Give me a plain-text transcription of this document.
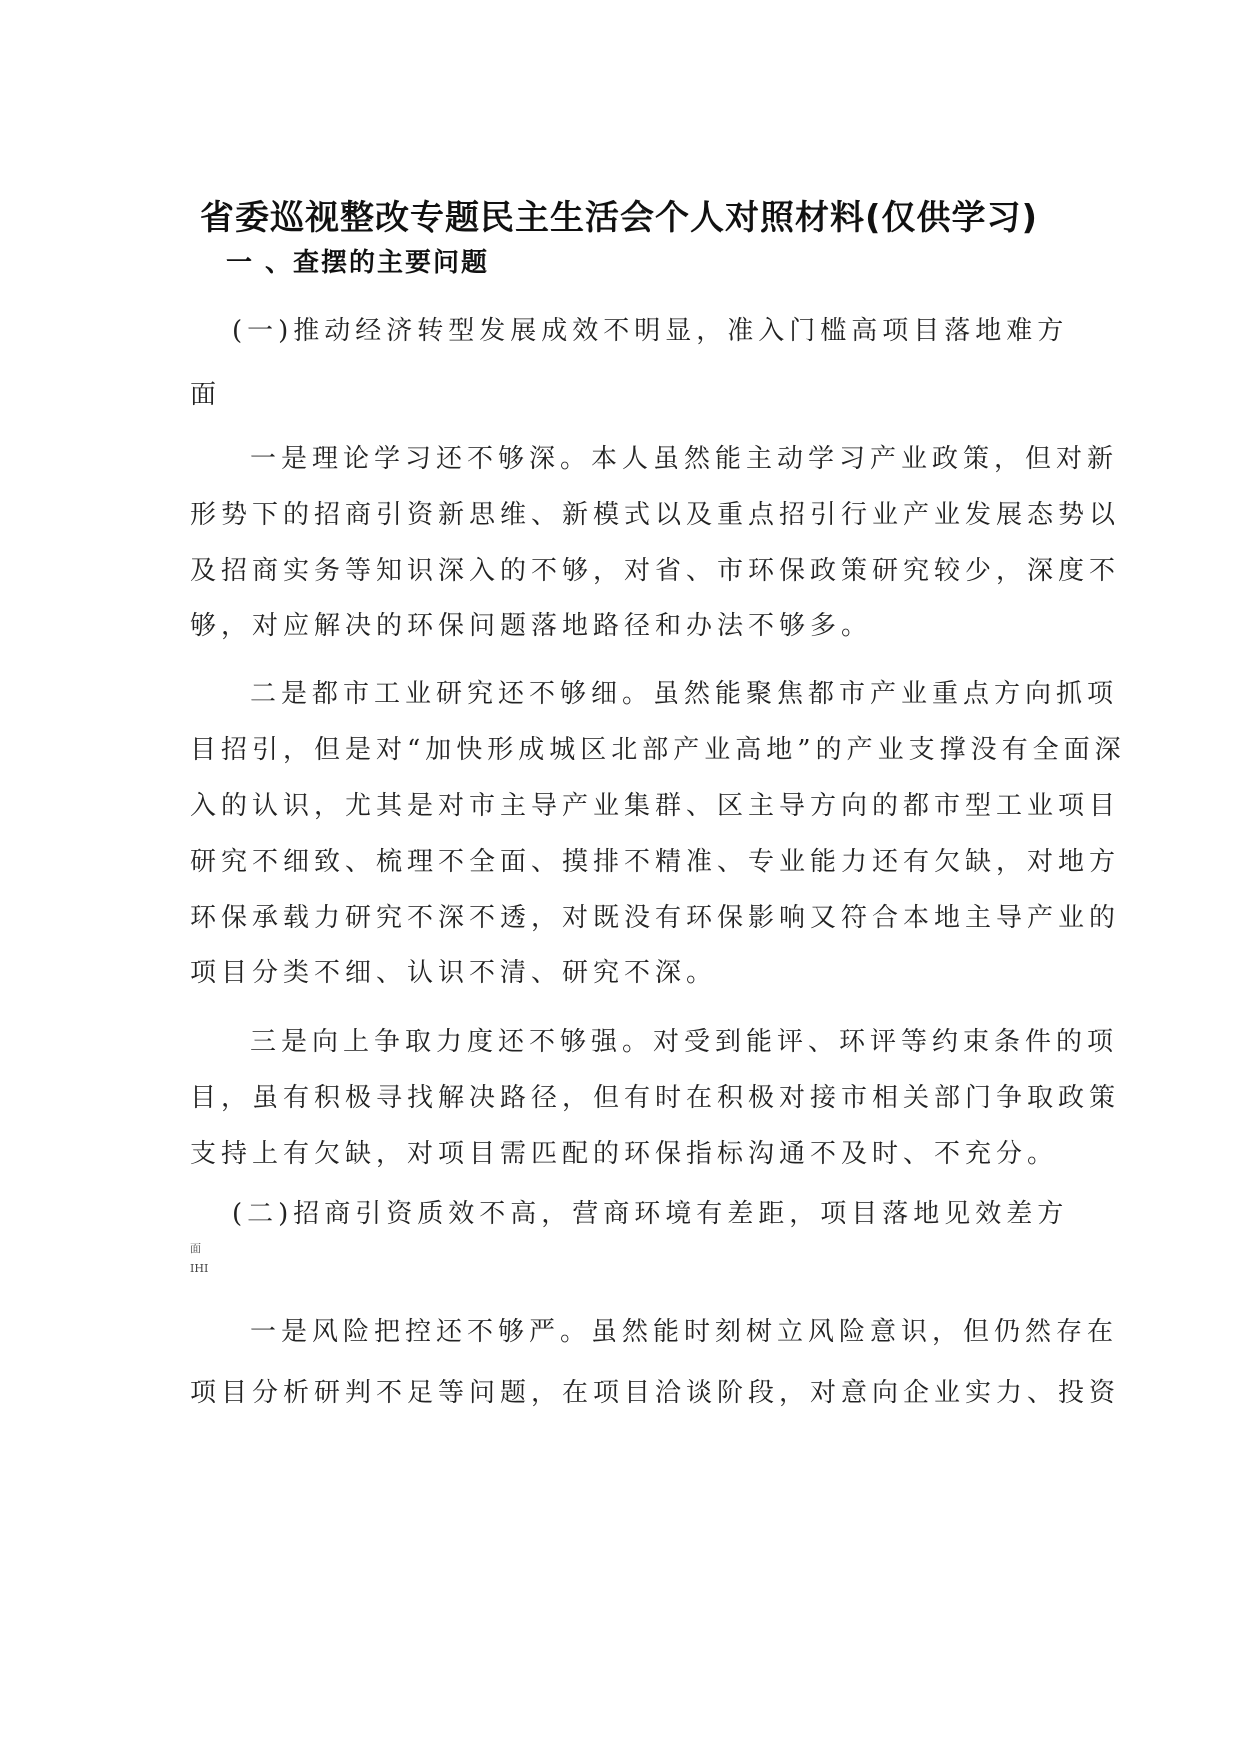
省委巡视整改专题民主生活会个人对照材料(仅供学习)
一 、查摆的主要问题

(一)推动经济转型发展成效不明显，准入门槛高项目落地难方

面

一是理论学习还不够深。本人虽然能主动学习产业政策，但对新

形势下的招商引资新思维、新模式以及重点招引行业产业发展态势以

及招商实务等知识深入的不够，对省、市环保政策研究较少，深度不

够，对应解决的环保问题落地路径和办法不够多。

二是都市工业研究还不够细。虽然能聚焦都市产业重点方向抓项

目招引，但是对“加快形成城区北部产业高地”的产业支撑没有全面深

入的认识，尤其是对市主导产业集群、区主导方向的都市型工业项目

研究不细致、梳理不全面、摸排不精准、专业能力还有欠缺，对地方

环保承载力研究不深不透，对既没有环保影响又符合本地主导产业的

项目分类不细、认识不清、研究不深。

三是向上争取力度还不够强。对受到能评、环评等约束条件的项

目，虽有积极寻找解决路径，但有时在积极对接市相关部门争取政策

支持上有欠缺，对项目需匹配的环保指标沟通不及时、不充分。

(二)招商引资质效不高，营商环境有差距，项目落地见效差方

面

IHI

一是风险把控还不够严。虽然能时刻树立风险意识，但仍然存在

项目分析研判不足等问题，在项目洽谈阶段，对意向企业实力、投资
